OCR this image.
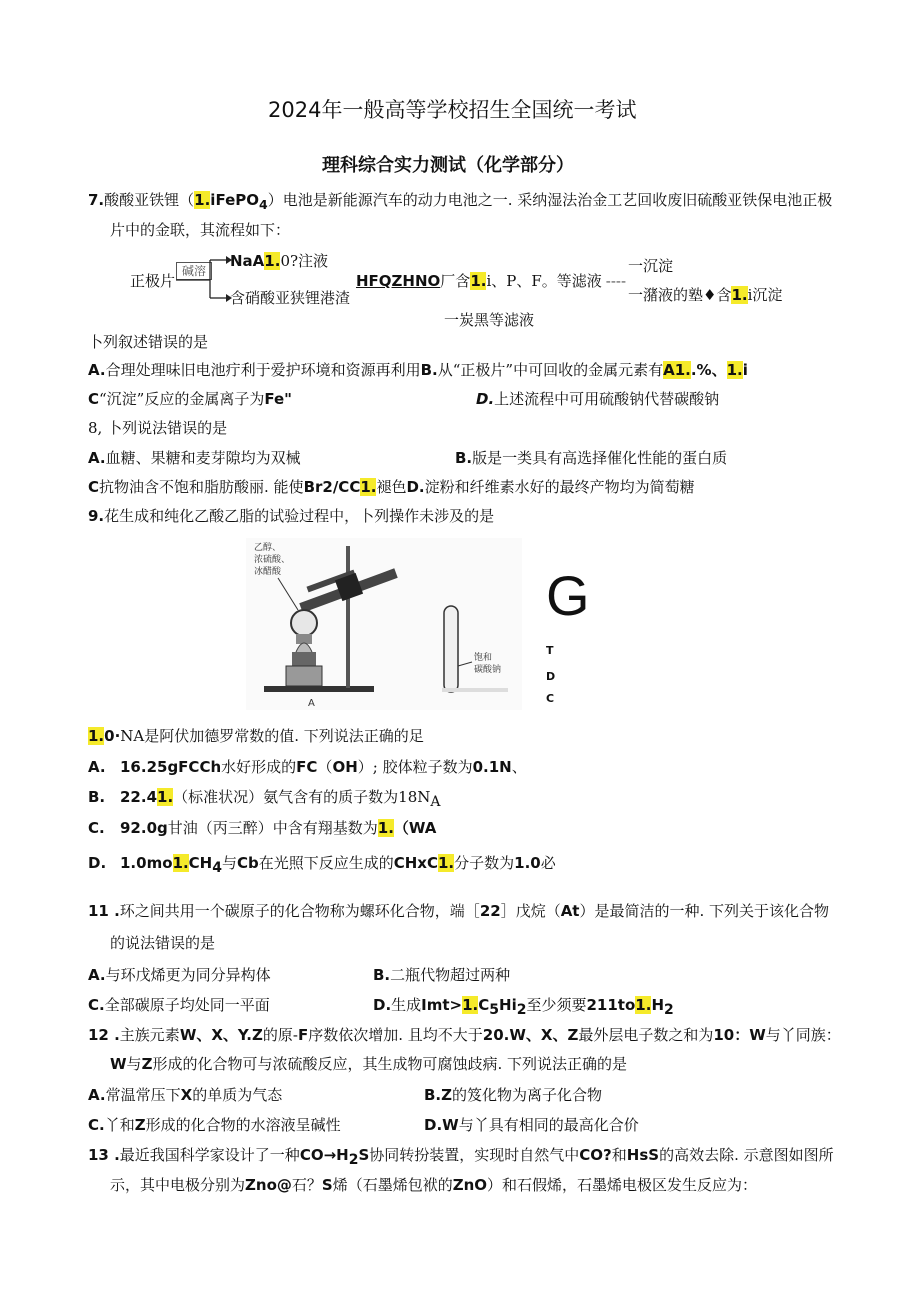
2024年一般高等学校招生全国统一考试
理科综合实力测试（化学部分）
7.酸酸亚铁锂（1.iFePO$_4$）电池是新能源汽车的动力电池之一. 采纳湿法治金工艺回收废旧硫酸亚铁保电池正极
片中的金联，其流程如下：
正极片
碱溶
NaA1.0?注液
含硝酸亚狭锂港渣
HFQZHNO厂含1.i、P、F。等滤液 ----
一沉淀
一潴液的塾♦含1.i沉淀
一炭黑等滤液
卜列叙述错误的是
A.合理处理味旧电池疔利于爱护环境和资源再利用B.从“正极片”中可回收的金属元素有A1..%、1.i
C“沉淀”反应的金属离子为Fe"	D.上述流程中可用硫酸钠代替碳酸钠
8, 卜列说法错误的是
A.血糖、果糖和麦芽隙均为双械	B.版是一类具有高选择催化性能的蛋白质
C抗物油含不饱和脂肪酸丽. 能使Br2/CC1.褪色D.淀粉和纤维素水好的最终产物均为简萄糖
9.花生成和纯化乙酸乙脂的试验过程中，卜列操作未涉及的是
乙醇、
浓硫酸、
冰醋酸
A
饱和
碳酸钠
G
T
D
C
1.0·NA是阿伏加德罗常数的值. 下列说法正确的足
A. 16.25gFCCh水好形成的FC（OH）; 胶体粒子数为0.1N、
B. 22.41.（标准状况）氨气含有的质子数为$18N_A$
C. 92.0g甘油（丙三醉）中含有翔基数为1.（WA
D. $1.0mo1.CH_4$与Cb在光照下反应生成的CHxC1.分子数为1.0必
11 .环之间共用一个碳原子的化合物称为螺环化合物，端［22］戊烷（At）是最简洁的一种. 下列关于该化合物
的说法错误的是
A.与环戊烯更为同分异构体	B.二瓶代物超过两种
C.全部碳原子均处同一平面	D.生成$Imt>1.C_5Hi_2$至少须要$211to1.H_2$
12 .主族元素W、X、Y.Z的原-F序数依次增加. 且均不大于20.W、X、Z最外层电子数之和为10：W与丫同族：
W与Z形成的化合物可与浓硫酸反应，其生成物可腐蚀歧病. 下列说法正确的是
A.常温常压下X的单质为气态	B.Z的笈化物为离子化合物
C.丫和Z形成的化合物的水溶液呈碱性	D.W与丫具有相同的最高化合价
13 .最近我国科学家设计了一种$CO\to H_2S$协同转扮装置，实现时自然气中CO?和HsS的高效去除. 示意图如图所
示，其中电极分别为Zno@石？S烯（石墨烯包袱的ZnO）和石假烯，石墨烯电极区发生反应为：
